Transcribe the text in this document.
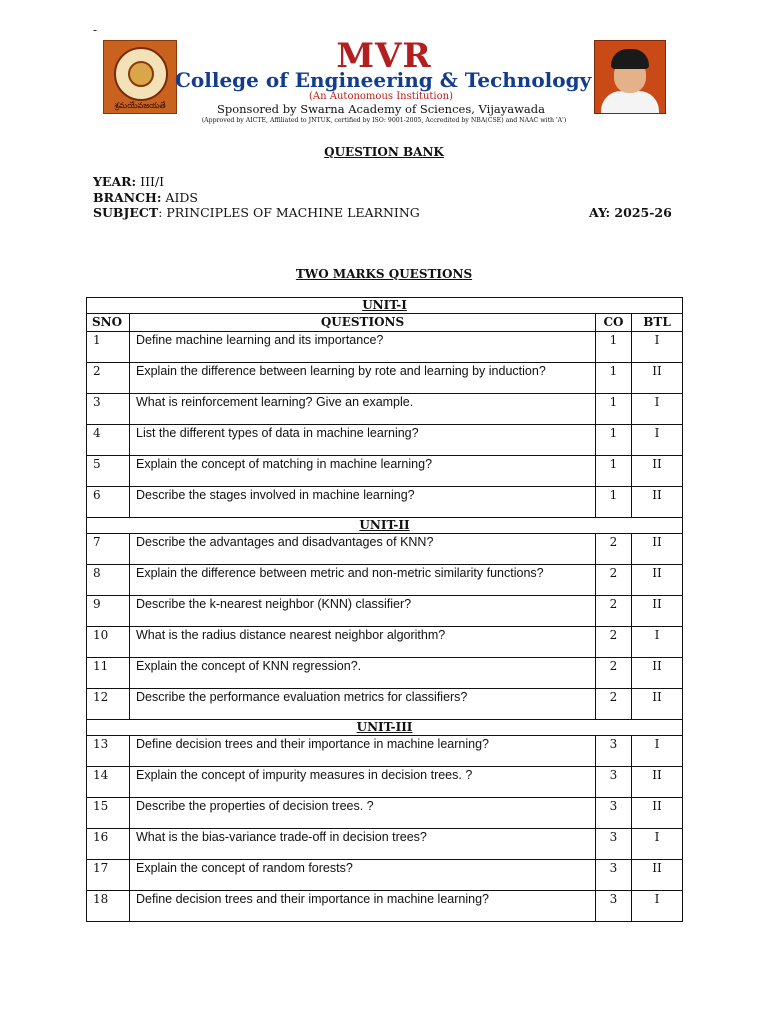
-
శ్రమయేవజయతే
MVR
College of Engineering & Technology
(An Autonomous Institution)
Sponsored by Swarna Academy of Sciences, Vijayawada
(Approved by AICTE, Affiliated to JNTUK, certified by ISO: 9001-2005, Accredited by NBA(CSE) and NAAC with 'A')
QUESTION BANK
YEAR: III/I
BRANCH: AIDS
SUBJECT: PRINCIPLES OF MACHINE LEARNING	AY: 2025-26
TWO MARKS QUESTIONS
UNIT-I			
SNO	QUESTIONS	CO	BTL
1	Define machine learning and its importance?	1	I
2	Explain the difference between learning by rote and learning by induction?	1	II
3	What is reinforcement learning? Give an example.	1	I
4	List the different types of data in machine learning?	1	I
5	Explain the concept of matching in machine learning?	1	II
6	Describe the stages involved in machine learning?	1	II
UNIT-II			
7	Describe the advantages and disadvantages of KNN?	2	II
8	Explain the difference between metric and non-metric similarity functions?	2	II
9	Describe the k-nearest neighbor (KNN) classifier?	2	II
10	What is the radius distance nearest neighbor algorithm?	2	I
11	Explain the concept of KNN regression?.	2	II
12	Describe the performance evaluation metrics for classifiers?	2	II
UNIT-III			
13	Define decision trees and their importance in machine learning?	3	I
14	Explain the concept of impurity measures in decision trees. ?	3	II
15	Describe the properties of decision trees. ?	3	II
16	What is the bias-variance trade-off in decision trees?	3	I
17	Explain the concept of random forests?	3	II
18	Define decision trees and their importance in machine learning?	3	I
